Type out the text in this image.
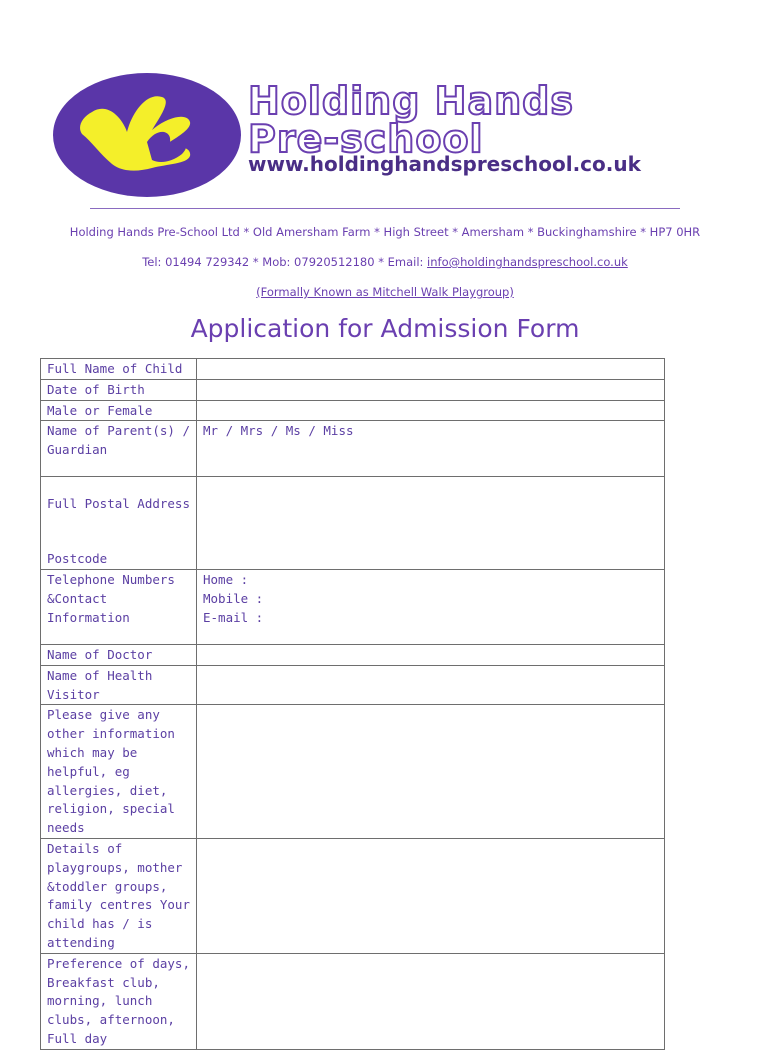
Holding Hands
Pre-school
www.holdinghandspreschool.co.uk
Holding Hands Pre-School Ltd * Old Amersham Farm * High Street * Amersham * Buckinghamshire * HP7 0HR
Tel: 01494 729342 * Mob: 07920512180 * Email: info@holdinghandspreschool.co.uk
(Formally Known as Mitchell Walk Playgroup)
Application for Admission Form
Full Name of Child	
Date of Birth	
Male or Female	
Name of Parent(s) / Guardian	Mr / Mrs / Ms / Miss

Full Postal Address
Postcode	

Telephone Numbers &Contact Information	Home :
Mobile :
E-mail :

Name of Doctor	
Name of Health Visitor	
Please give any other information which may be helpful, eg allergies, diet, religion, special needs	
Details of playgroups, mother &toddler groups, family centres Your child has / is attending	
Preference of days, Breakfast club, morning, lunch clubs, afternoon, Full day	
